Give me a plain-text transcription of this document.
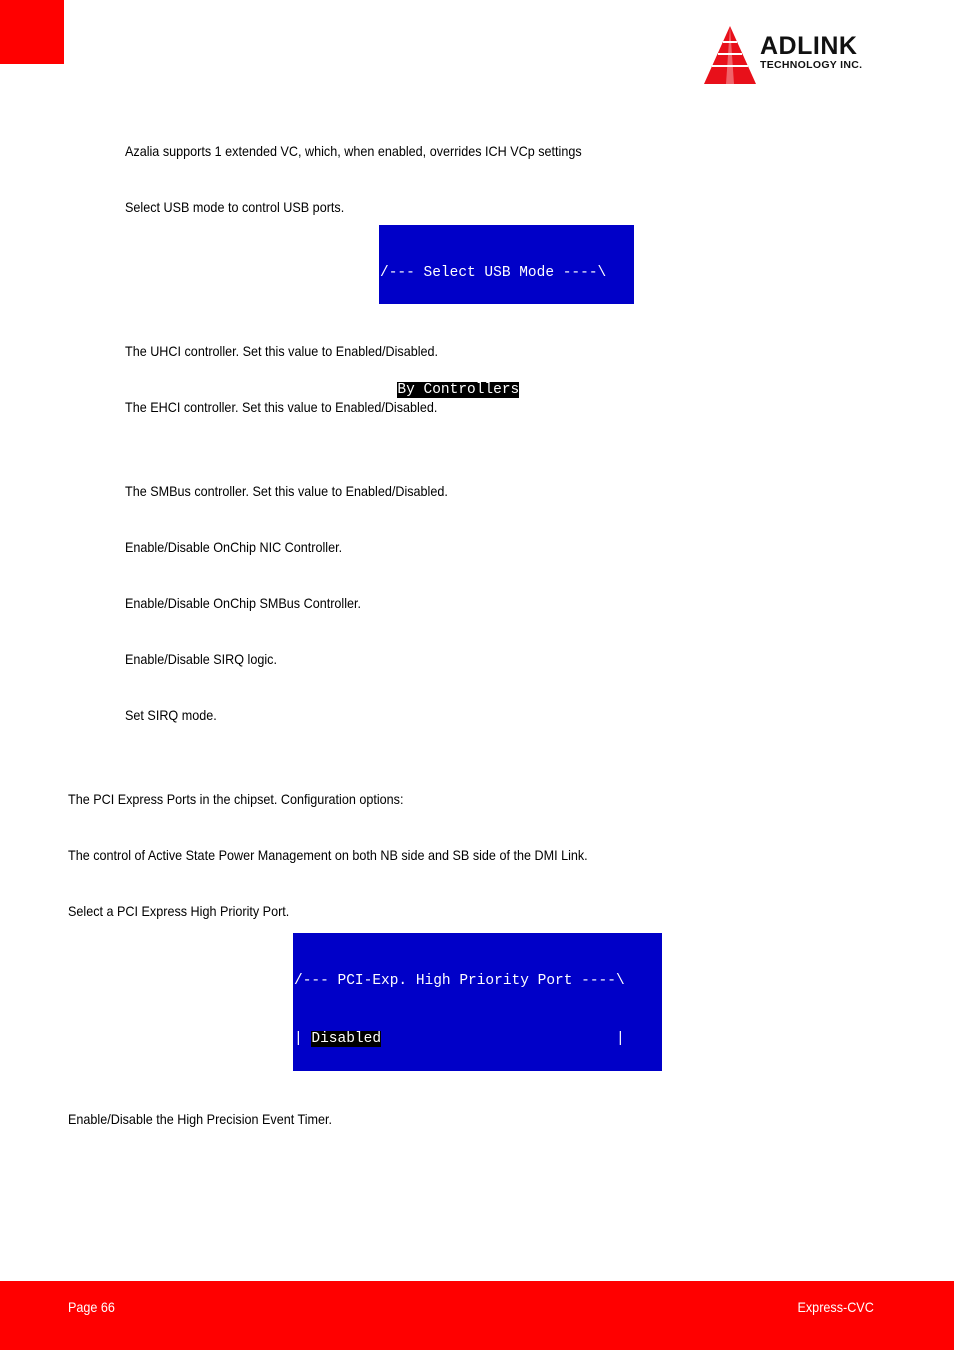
ADLINK
TECHNOLOGY INC.
Azalia supports 1 extended VC, which, when enabled, overrides ICH VCp settings
Select USB mode to control USB ports.

/--- Select USB Mode ----\

| By Ports               |

| By Controllers         |

\------------------------/

The UHCI controller. Set this value to Enabled/Disabled.
The EHCI controller. Set this value to Enabled/Disabled.
The SMBus controller. Set this value to Enabled/Disabled.
Enable/Disable OnChip NIC Controller.
Enable/Disable OnChip SMBus Controller.
Enable/Disable SIRQ logic.
Set SIRQ mode.
The PCI Express Ports in the chipset. Configuration options:
The control of Active State Power Management on both NB side and SB side of the DMI Link.
Select a PCI Express High Priority Port.

/--- PCI-Exp. High Priority Port ----\

| Disabled                           |

| Port 0                             |

| Port 1                             |

| Port 2                             |

| Port 3                             |

Enable/Disable the High Precision Event Timer.
Page 66	Express-CVC
